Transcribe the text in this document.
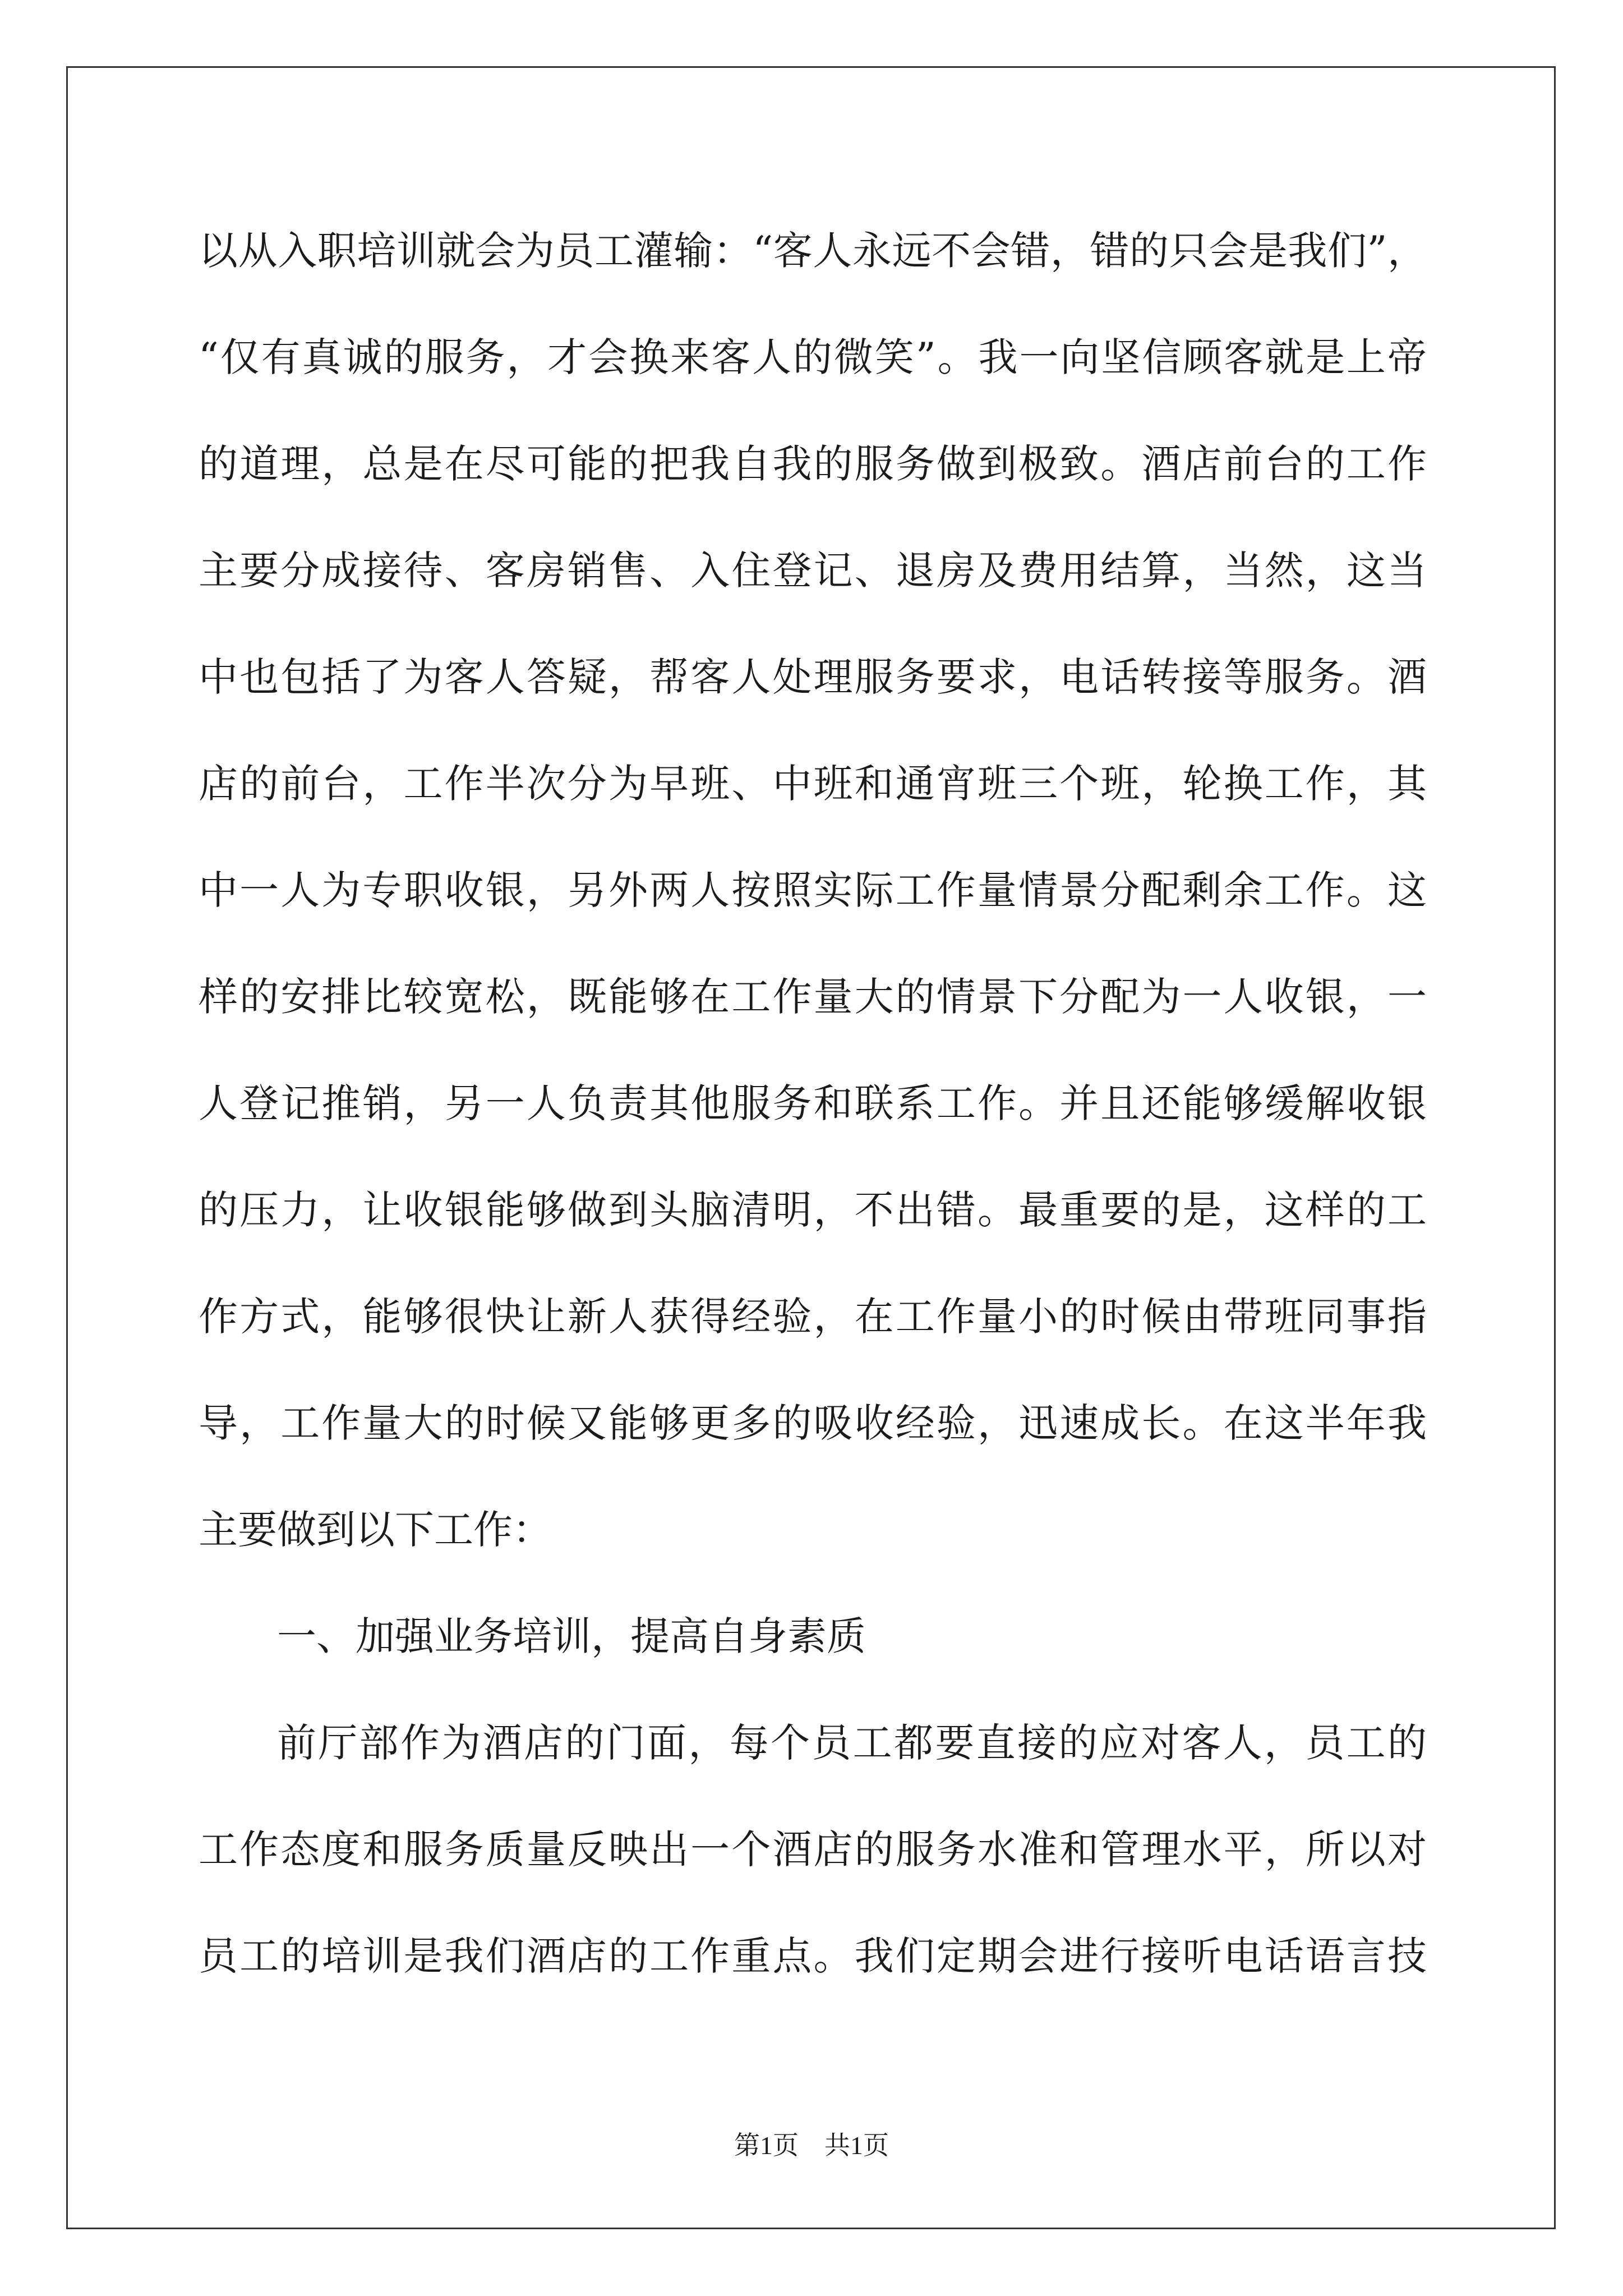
以从入职培训就会为员工灌输：“客人永远不会错，错的只会是我们”，
“仅有真诚的服务，才会换来客人的微笑”。我一向坚信顾客就是上帝
的道理，总是在尽可能的把我自我的服务做到极致。酒店前台的工作
主要分成接待、客房销售、入住登记、退房及费用结算，当然，这当
中也包括了为客人答疑，帮客人处理服务要求，电话转接等服务。酒
店的前台，工作半次分为早班、中班和通宵班三个班，轮换工作，其
中一人为专职收银，另外两人按照实际工作量情景分配剩余工作。这
样的安排比较宽松，既能够在工作量大的情景下分配为一人收银，一
人登记推销，另一人负责其他服务和联系工作。并且还能够缓解收银
的压力，让收银能够做到头脑清明，不出错。最重要的是，这样的工
作方式，能够很快让新人获得经验，在工作量小的时候由带班同事指
导，工作量大的时候又能够更多的吸收经验，迅速成长。在这半年我
主要做到以下工作：
一、加强业务培训，提高自身素质
前厅部作为酒店的门面，每个员工都要直接的应对客人，员工的
工作态度和服务质量反映出一个酒店的服务水准和管理水平，所以对
员工的培训是我们酒店的工作重点。我们定期会进行接听电话语言技
第1页　共1页
